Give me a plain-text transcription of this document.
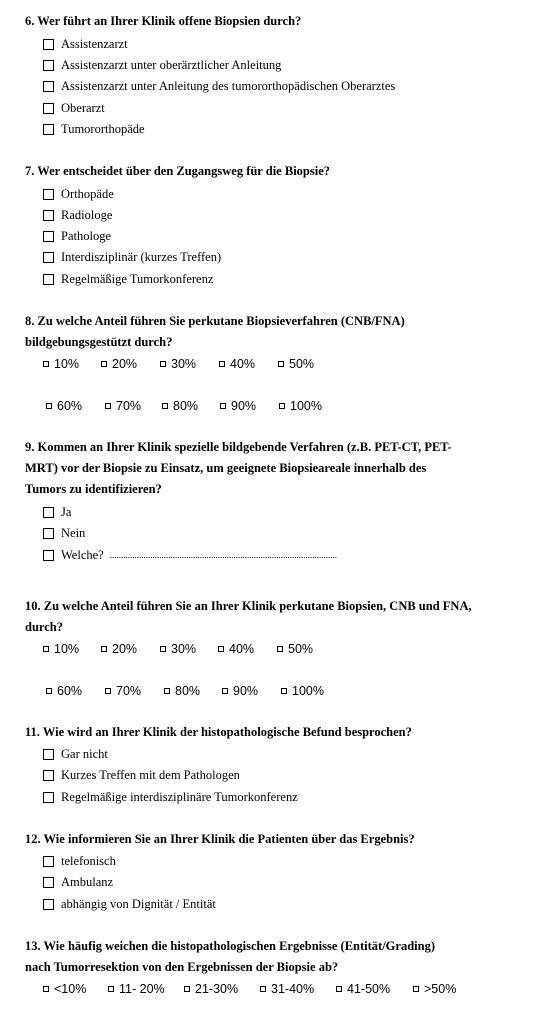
6. Wer führt an Ihrer Klinik offene Biopsien durch?

Assistenzarzt
Assistenzarzt unter oberärztlicher Anleitung
Assistenzarzt unter Anleitung des tumororthopädischen Oberarztes
Oberarzt
Tumororthopäde

7. Wer entscheidet über den Zugangsweg für die Biopsie?

Orthopäde
Radiologe
Pathologe
Interdisziplinär (kurzes Treffen)
Regelmäßige Tumorkonferenz

8. Zu welche Anteil führen Sie perkutane Biopsieverfahren (CNB/FNA)
bildgebungsgestützt durch?

10%	20%	30%	40%	50%
60%	70%	80%	90%	100%

9. Kommen an Ihrer Klinik spezielle bildgebende Verfahren (z.B. PET-CT, PET-
MRT) vor der Biopsie zu Einsatz, um geeignete Biopsieareale innerhalb des
Tumors zu identifizieren?

Ja
Nein
Welche? .....................................................................................................

10. Zu welche Anteil führen Sie an Ihrer Klinik perkutane Biopsien, CNB und FNA,
durch?

10%	20%	30%	40%	50%
60%	70%	80%	90%	100%

11. Wie wird an Ihrer Klinik der histopathologische Befund besprochen?

Gar nicht
Kurzes Treffen mit dem Pathologen
Regelmäßige interdisziplinäre Tumorkonferenz

12. Wie informieren Sie an Ihrer Klinik die Patienten über das Ergebnis?

telefonisch
Ambulanz
abhängig von Dignität / Entität

13. Wie häufig weichen die histopathologischen Ergebnisse (Entität/Grading)
nach Tumorresektion von den Ergebnissen der Biopsie ab?

<10%	11- 20% 21-30%	31-40%	41-50%	>50%
